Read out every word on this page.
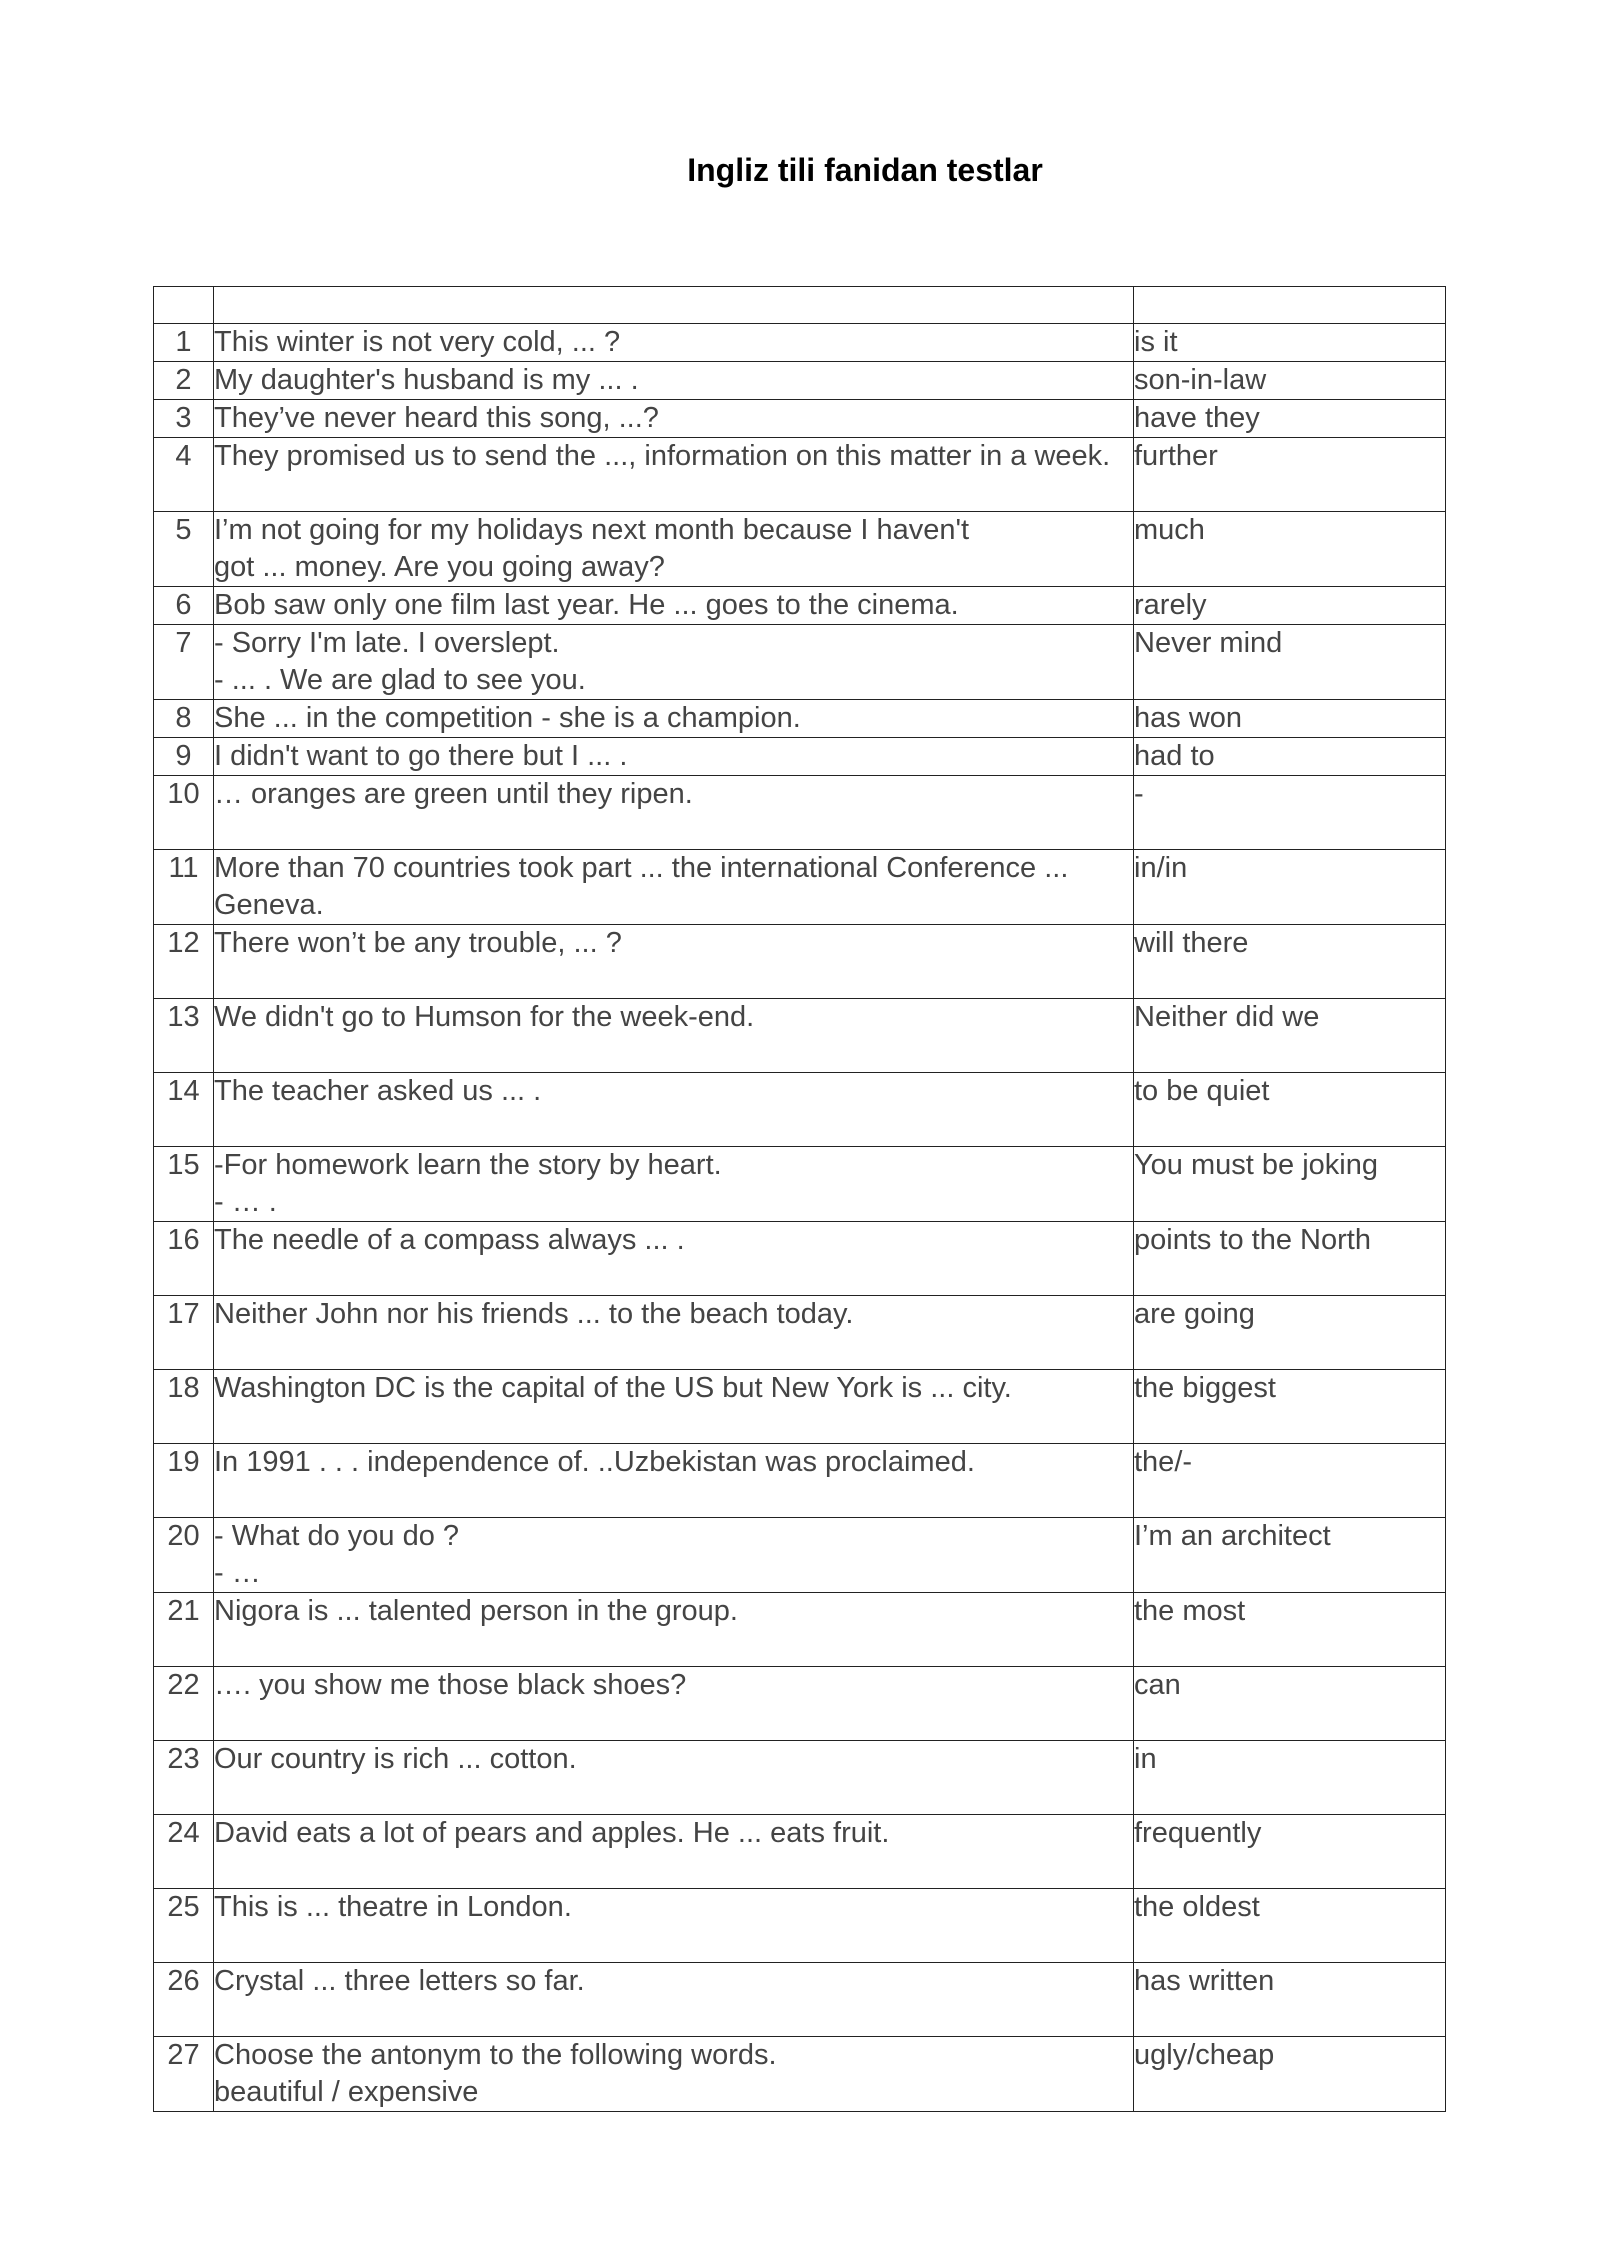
Ingliz tili fanidan testlar

1	This winter is not very cold, ... ?	is it
2	My daughter's husband is my ... .	son-in-law
3	They’ve never heard this song, ...?	have they
4	They promised us to send the ..., information on this matter in a week.	further
5	I’m not going for my holidays next month because I haven't
got ... money. Are you going away?	much
6	Bob saw only one film last year. He ... goes to the cinema.	rarely
7	- Sorry I'm late. I overslept.
- ... . We are glad to see you.	Never mind
8	She ... in the competition - she is a champion.	has won
9	I didn't want to go there but I ... .	had to
10	… oranges are green until they ripen.	-
11	More than 70 countries took part ... the international Conference ... Geneva.	in/in
12	There won’t be any trouble, ... ?	will there
13	We didn't go to Humson for the week-end.	Neither did we
14	The teacher asked us ... .	to be quiet
15	-For homework learn the story by heart.
- … .	You must be joking
16	The needle of a compass always ... .	points to the North
17	Neither John nor his friends ... to the beach today.	are going
18	Washington DC is the capital of the US but New York is ... city.	the biggest
19	In 1991 . . . independence of. ..Uzbekistan was proclaimed.	the/-
20	- What do you do ?
- …	I’m an architect
21	Nigora is ... talented person in the group.	the most
22	…. you show me those black shoes?	can
23	Our country is rich ... cotton.	in
24	David eats a lot of pears and apples. He ... eats fruit.	frequently
25	This is ... theatre in London.	the oldest
26	Crystal ... three letters so far.	has written
27	Choose the antonym to the following words.
beautiful / expensive	ugly/cheap
